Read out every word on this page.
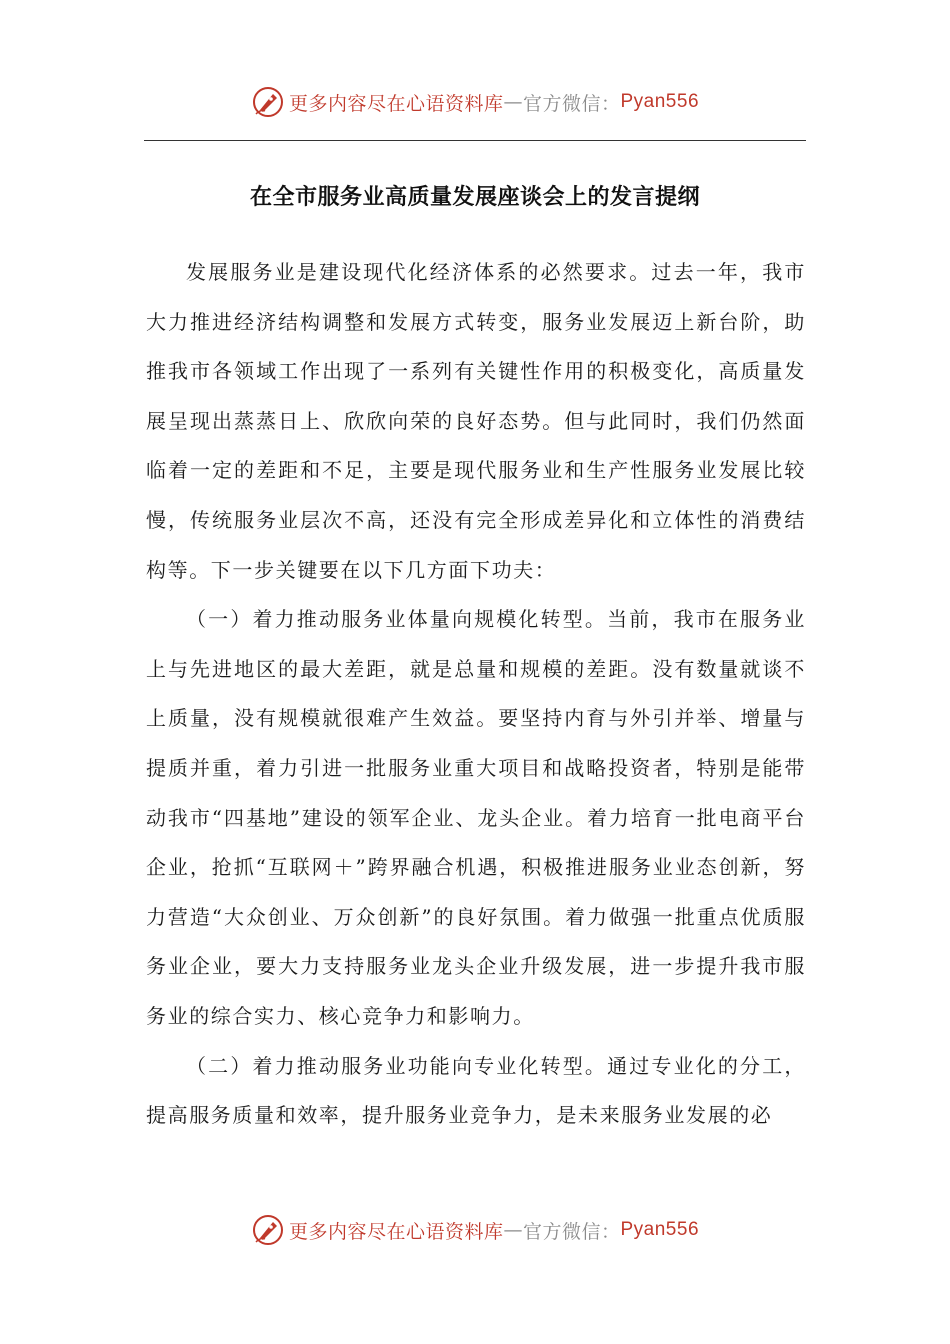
更多内容尽在心语资料库 — 官方微信： Pyan556
在全市服务业高质量发展座谈会上的发言提纲

发展服务业是建设现代化经济体系的必然要求。过去一年，我市大力推进经济结构调整和发展方式转变，服务业发展迈上新台阶，助推我市各领域工作出现了一系列有关键性作用的积极变化，高质量发展呈现出蒸蒸日上、欣欣向荣的良好态势。但与此同时，我们仍然面临着一定的差距和不足，主要是现代服务业和生产性服务业发展比较慢，传统服务业层次不高，还没有完全形成差异化和立体性的消费结构等。下一步关键要在以下几方面下功夫：

（一）着力推动服务业体量向规模化转型。当前，我市在服务业上与先进地区的最大差距，就是总量和规模的差距。没有数量就谈不上质量，没有规模就很难产生效益。要坚持内育与外引并举、增量与提质并重，着力引进一批服务业重大项目和战略投资者，特别是能带动我市“四基地”建设的领军企业、龙头企业。着力培育一批电商平台企业，抢抓“互联网＋”跨界融合机遇，积极推进服务业业态创新，努力营造“大众创业、万众创新”的良好氛围。着力做强一批重点优质服务业企业，要大力支持服务业龙头企业升级发展，进一步提升我市服务业的综合实力、核心竞争力和影响力。

（二）着力推动服务业功能向专业化转型。通过专业化的分工，提高服务质量和效率，提升服务业竞争力，是未来服务业发展的必

更多内容尽在心语资料库 — 官方微信： Pyan556
